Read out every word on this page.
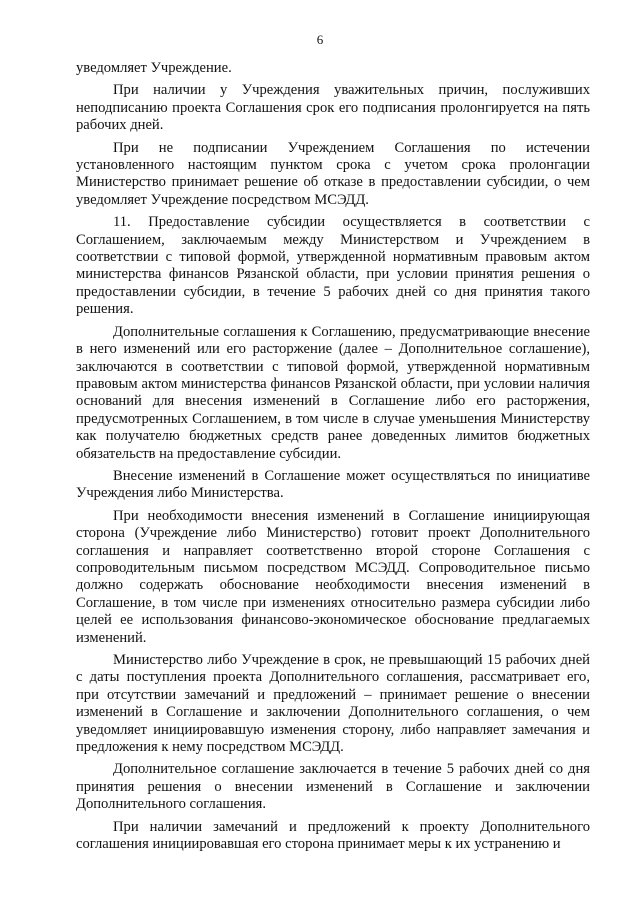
6

уведомляет Учреждение.

При наличии у Учреждения уважительных причин, послуживших неподписанию проекта Соглашения срок его подписания пролонгируется на пять рабочих дней.

При не подписании Учреждением Соглашения по истечении установленного настоящим пунктом срока с учетом срока пролонгации Министерство принимает решение об отказе в предоставлении субсидии, о чем уведомляет Учреждение посредством МСЭДД.

11. Предоставление субсидии осуществляется в соответствии с Соглашением, заключаемым между Министерством и Учреждением в соответствии с типовой формой, утвержденной нормативным правовым актом министерства финансов Рязанской области, при условии принятия решения о предоставлении субсидии, в течение 5 рабочих дней со дня принятия такого решения.

Дополнительные соглашения к Соглашению, предусматривающие внесение в него изменений или его расторжение (далее – Дополнительное соглашение), заключаются в соответствии с типовой формой, утвержденной нормативным правовым актом министерства финансов Рязанской области, при условии наличия оснований для внесения изменений в Соглашение либо его расторжения, предусмотренных Соглашением, в том числе в случае уменьшения Министерству как получателю бюджетных средств ранее доведенных лимитов бюджетных обязательств на предоставление субсидии.

Внесение изменений в Соглашение может осуществляться по инициативе Учреждения либо Министерства.

При необходимости внесения изменений в Соглашение инициирующая сторона (Учреждение либо Министерство) готовит проект Дополнительного соглашения и направляет соответственно второй стороне Соглашения с сопроводительным письмом посредством МСЭДД. Сопроводительное письмо должно содержать обоснование необходимости внесения изменений в Соглашение, в том числе при изменениях относительно размера субсидии либо целей ее использования финансово-экономическое обоснование предлагаемых изменений.

Министерство либо Учреждение в срок, не превышающий 15 рабочих дней с даты поступления проекта Дополнительного соглашения, рассматривает его, при отсутствии замечаний и предложений – принимает решение о внесении изменений в Соглашение и заключении Дополнительного соглашения, о чем уведомляет инициировавшую изменения сторону, либо направляет замечания и предложения к нему посредством МСЭДД.

Дополнительное соглашение заключается в течение 5 рабочих дней со дня принятия решения о внесении изменений в Соглашение и заключении Дополнительного соглашения.

При наличии замечаний и предложений к проекту Дополнительного соглашения инициировавшая его сторона принимает меры к их устранению и
